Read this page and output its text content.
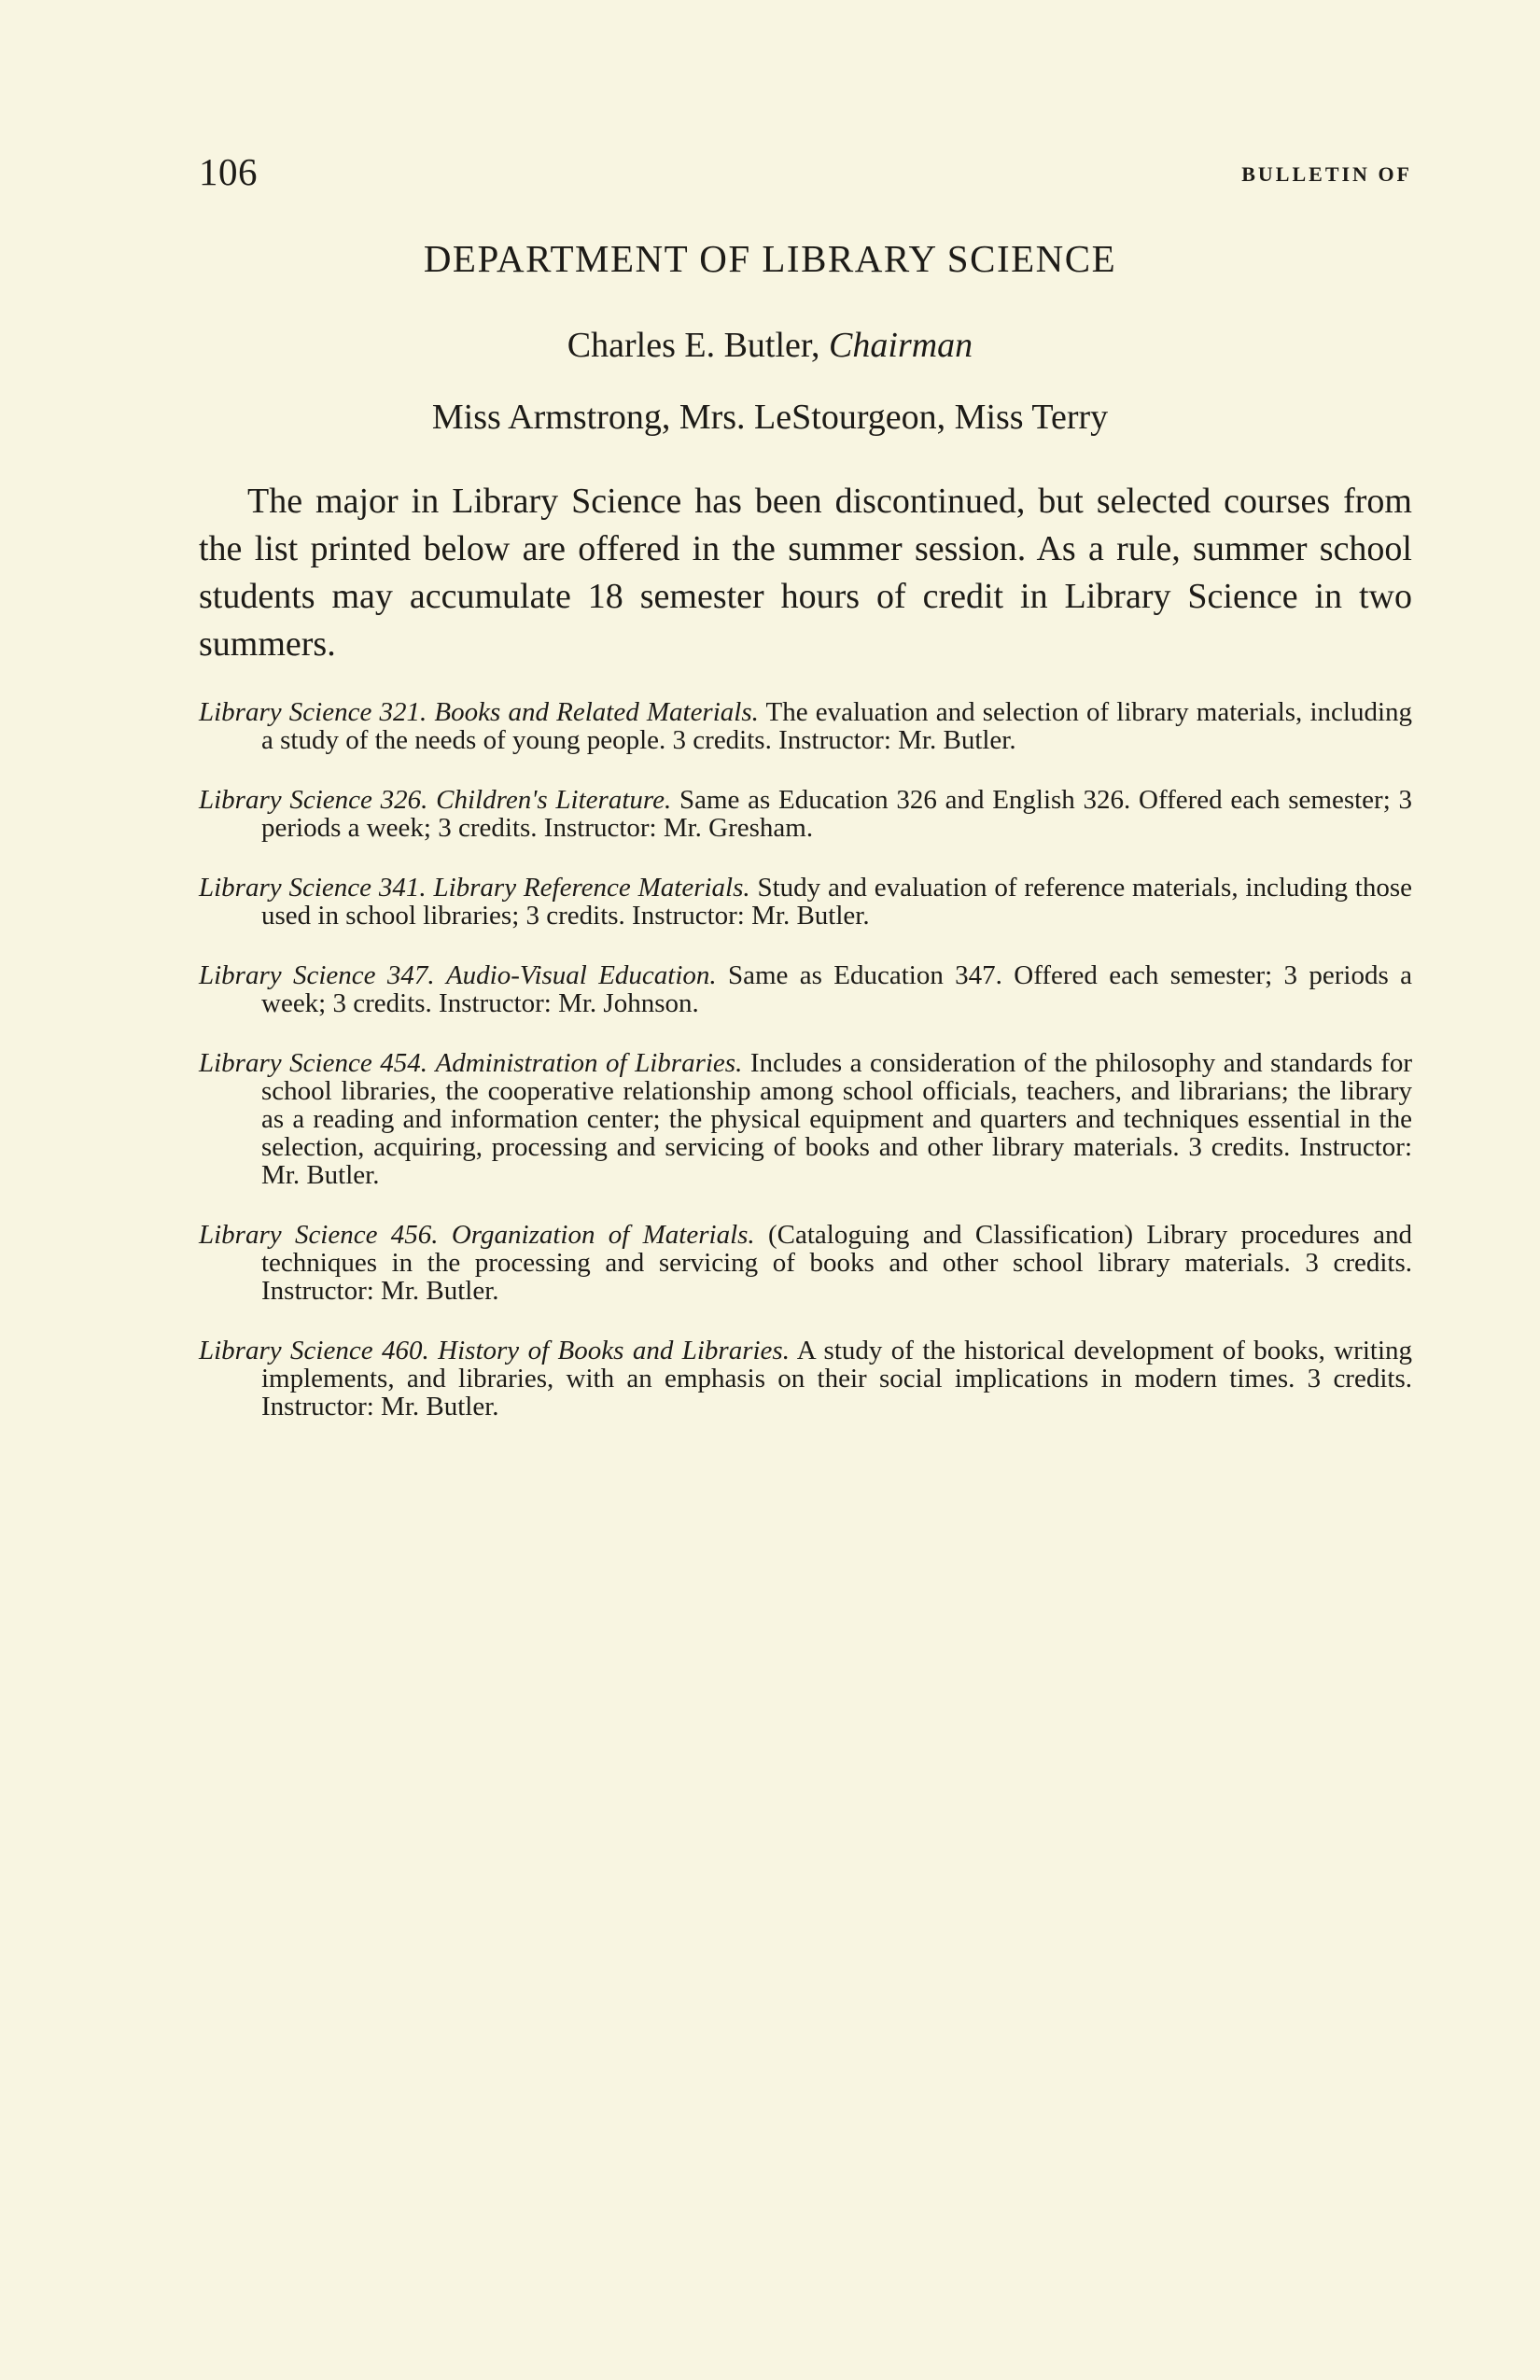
106	BULLETIN OF
DEPARTMENT OF LIBRARY SCIENCE
Charles E. Butler, Chairman
Miss Armstrong, Mrs. LeStourgeon, Miss Terry

The major in Library Science has been discontinued, but selected courses from the list printed below are offered in the summer session. As a rule, summer school students may accumulate 18 semester hours of credit in Library Science in two summers.

Library Science 321. Books and Related Materials. The evaluation and selection of library materials, including a study of the needs of young people. 3 credits. Instructor: Mr. Butler.

Library Science 326. Children's Literature. Same as Education 326 and English 326. Offered each semester; 3 periods a week; 3 credits. Instructor: Mr. Gresham.

Library Science 341. Library Reference Materials. Study and evaluation of reference materials, including those used in school libraries; 3 credits. Instructor: Mr. Butler.

Library Science 347. Audio-Visual Education. Same as Education 347. Offered each semester; 3 periods a week; 3 credits. Instructor: Mr. Johnson.

Library Science 454. Administration of Libraries. Includes a consideration of the philosophy and standards for school libraries, the cooperative relationship among school officials, teachers, and librarians; the library as a reading and information center; the physical equipment and quarters and techniques essential in the selection, acquiring, processing and servicing of books and other library materials. 3 credits. Instructor: Mr. Butler.

Library Science 456. Organization of Materials. (Cataloguing and Classification) Library procedures and techniques in the processing and servicing of books and other school library materials. 3 credits. Instructor: Mr. Butler.

Library Science 460. History of Books and Libraries. A study of the historical development of books, writing implements, and libraries, with an emphasis on their social implications in modern times. 3 credits. Instructor: Mr. Butler.
